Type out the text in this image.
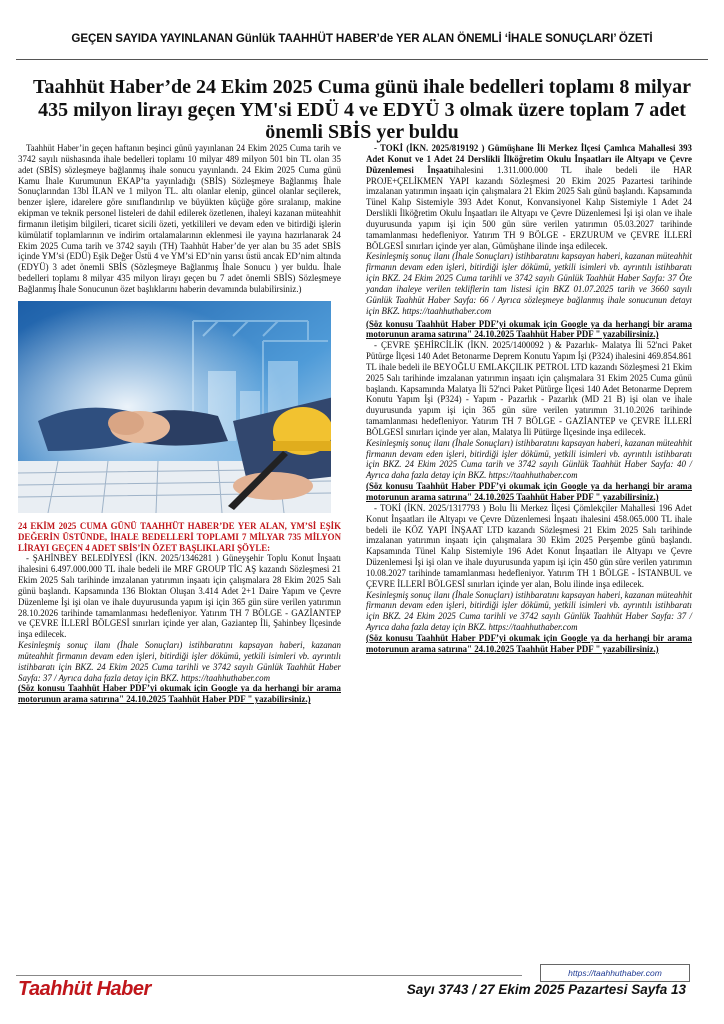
GEÇEN SAYIDA YAYINLANAN Günlük TAAHHÜT HABER’de YER ALAN ÖNEMLİ ‘İHALE SONUÇLARI’ ÖZETİ
Taahhüt Haber’de 24 Ekim 2025 Cuma günü ihale bedelleri toplamı 8 milyar 435 milyon lirayı geçen YM'si EDÜ 4 ve EDYÜ 3 olmak üzere toplam 7 adet önemli SBİS yer buldu

Taahhüt Haber’in geçen haftanın beşinci günü yayınlanan 24 Ekim 2025 Cuma tarih ve 3742 sayılı nüshasında ihale bedelleri toplamı 10 milyar 489 milyon 501 bin TL olan 35 adet (SBİS) sözleşmeye bağlanmış ihale sonucu yayınlandı. 24 Ekim 2025 Cuma günü Kamu İhale Kurumunun EKAP’ta yayınladığı (SBİS) Sözleşmeye Bağlanmış İhale Sonuçlarından 13bl İLAN ve 1 milyon TL. altı olanlar elenip, güncel olanlar seçilerek, benzer işlere, idarelere göre sınıflandırılıp ve büyükten küçüğe göre sıralanıp, makine ekipman ve teknik personel listeleri de dahil edilerek özetlenen, ihaleyi kazanan müteahhit firmanın iletişim bilgileri, ticaret sicili özeti, yetkilileri ve devam eden ve bitirdiği işlerin kümülatif toplamlarının ve indirim ortalamalarının eklenmesi ile yayına hazırlanarak 24 Ekim 2025 Cuma tarih ve 3742 sayılı (TH) Taahhüt Haber’de yer alan bu 35 adet SBİS içinde YM’si (EDÜ) Eşik Değer Üstü 4 ve YM’si ED’nin yarısı üstü ancak ED’nim altında (EDYÜ) 3 adet önemli SBİS (Sözleşmeye Bağlanmış İhale Sonucu ) yer buldu. İhale bedelleri toplamı 8 milyar 435 milyon lirayı geçen bu 7 adet önemli SBİS) Sözleşmeye Bağlanmış İhale Sonucunun özet başlıklarını haberin devamında bulabilirsiniz.)

24 EKİM 2025 CUMA GÜNÜ TAAHHÜT HABER’DE YER ALAN, YM’Sİ EŞİK DEĞERİN ÜSTÜNDE, İHALE BEDELLERİ TOPLAMI 7 MİLYAR 735 MİLYON LİRAYI GEÇEN 4 ADET SBİS’İN ÖZET BAŞLIKLARI ŞÖYLE:

- ŞAHİNBEY BELEDİYESİ (İKN. 2025/1346281 ) Güneyşehir Toplu Konut İnşaatı ihalesini 6.497.000.000 TL ihale bedeli ile MRF GROUP TİC AŞ kazandı Sözleşmesi 21 Ekim 2025 Salı tarihinde imzalanan yatırımın inşaatı için çalışmalara 28 Ekim 2025 Salı günü başlandı. Kapsamında 136 Bloktan Oluşan 3.414 Adet 2+1 Daire Yapım ve Çevre Düzenleme İşi işi olan ve ihale duyurusunda yapım işi için 365 gün süre verilen yatırımın 28.10.2026 tarihinde tamamlanması hedefleniyor. Yatırım TH 7 BÖLGE - GAZİANTEP ve ÇEVRE İLLERİ BÖLGESİ sınırları içinde yer alan, Gaziantep İli, Şahinbey İlçesinde inşa edilecek.

Kesinleşmiş sonuç ilanı (İhale Sonuçları) istihbaratını kapsayan haberi, kazanan müteahhit firmanın devam eden işleri, bitirdiği işler dökümü, yetkili isimleri vb. ayrıntılı istihbaratı için BKZ. 24 Ekim 2025 Cuma tarihli ve 3742 sayılı Günlük Taahhüt Haber Sayfa: 37 / Ayrıca daha fazla detay için BKZ. https://taahhuthaber.com

(Söz konusu Taahhüt Haber PDF’yi okumak için Google ya da herhangi bir arama motorunun arama satırına" 24.10.2025 Taahhüt Haber PDF " yazabilirsiniz.)

- TOKİ (İKN. 2025/819192 ) Gümüşhane İli Merkez İlçesi Çamlıca Mahallesi 393 Adet Konut ve 1 Adet 24 Derslikli İlköğretim Okulu İnşaatları ile Altyapı ve Çevre Düzenlemesi İnşaatıihalesini 1.311.000.000 TL ihale bedeli ile HAR PROJE+ÇELİKMEN YAPI kazandı Sözleşmesi 20 Ekim 2025 Pazartesi tarihinde imzalanan yatırımın inşaatı için çalışmalara 21 Ekim 2025 Salı günü başlandı. Kapsamında Tünel Kalıp Sistemiyle 393 Adet Konut, Konvansiyonel Kalıp Sistemiyle 1 Adet 24 Derslikli İlköğretim Okulu İnşaatları ile Altyapı ve Çevre Düzenlemesi İşi işi olan ve ihale duyurusunda yapım işi için 500 gün süre verilen yatırımın 05.03.2027 tarihinde tamamlanması hedefleniyor. Yatırım TH 9 BÖLGE - ERZURUM ve ÇEVRE İLLERİ BÖLGESİ sınırları içinde yer alan, Gümüşhane ilinde inşa edilecek.

Kesinleşmiş sonuç ilanı (İhale Sonuçları) istihbaratını kapsayan haberi, kazanan müteahhit firmanın devam eden işleri, bitirdiği işler dökümü, yetkili isimleri vb. ayrıntılı istihbaratı için BKZ. 24 Ekim 2025 Cuma tarihli ve 3742 sayılı Günlük Taahhüt Haber Sayfa: 37 Öte yandan ihaleye verilen tekliflerin tam listesi için BKZ 01.07.2025 tarih ve 3660 sayılı Günlük Taahhüt Haber Sayfa: 66 / Ayrıca sözleşmeye bağlanmış ihale sonucunun detayı için BKZ. https://taahhuthaber.com

(Söz konusu Taahhüt Haber PDF’yi okumak için Google ya da herhangi bir arama motorunun arama satırına" 24.10.2025 Taahhüt Haber PDF " yazabilirsiniz.)

- ÇEVRE ŞEHİRCİLİK (İKN. 2025/1400092 ) & Pazarlık- Malatya İli 52'nci Paket Pütürge İlçesi 140 Adet Betonarme Deprem Konutu Yapım İşi (P324) ihalesini 469.854.861 TL ihale bedeli ile BEYOĞLU EMLAKÇILIK PETROL LTD kazandı Sözleşmesi 21 Ekim 2025 Salı tarihinde imzalanan yatırımın inşaatı için çalışmalara 31 Ekim 2025 Cuma günü başlandı. Kapsamında Malatya İli 52'nci Paket Pütürge İlçesi 140 Adet Betonarme Deprem Konutu Yapım İşi (P324) - Yapım - Pazarlık - Pazarlık (MD 21 B) işi olan ve ihale duyurusunda yapım işi için 365 gün süre verilen yatırımın 31.10.2026 tarihinde tamamlanması hedefleniyor. Yatırım TH 7 BÖLGE - GAZİANTEP ve ÇEVRE İLLERİ BÖLGESİ sınırları içinde yer alan, Malatya İli Pütürge İlçesinde inşa edilecek.

Kesinleşmiş sonuç ilanı (İhale Sonuçları) istihbaratını kapsayan haberi, kazanan müteahhit firmanın devam eden işleri, bitirdiği işler dökümü, yetkili isimleri vb. ayrıntılı istihbaratı için BKZ. 24 Ekim 2025 Cuma tarih ve 3742 sayılı Günlük Taahhüt Haber Sayfa: 40 / Ayrıca daha fazla detay için BKZ. https://taahhuthaber.com

(Söz konusu Taahhüt Haber PDF’yi okumak için Google ya da herhangi bir arama motorunun arama satırına" 24.10.2025 Taahhüt Haber PDF " yazabilirsiniz.)

- TOKİ (İKN. 2025/1317793 ) Bolu İli Merkez İlçesi Çömlekçiler Mahallesi 196 Adet Konut İnşaatları ile Altyapı ve Çevre Düzenlemesi İnşaatı ihalesini 458.065.000 TL ihale bedeli ile KÖZ YAPI İNŞAAT LTD kazandı Sözleşmesi 21 Ekim 2025 Salı tarihinde imzalanan yatırımın inşaatı için çalışmalara 30 Ekim 2025 Perşembe günü başlandı. Kapsamında Tünel Kalıp Sistemiyle 196 Adet Konut İnşaatları ile Altyapı ve Çevre Düzenlemesi İşi işi olan ve ihale duyurusunda yapım işi için 450 gün süre verilen yatırımın 10.08.2027 tarihinde tamamlanması hedefleniyor. Yatırım TH 1 BÖLGE - İSTANBUL ve ÇEVRE İLLERİ BÖLGESİ sınırları içinde yer alan, Bolu ilinde inşa edilecek.

Kesinleşmiş sonuç ilanı (İhale Sonuçları) istihbaratını kapsayan haberi, kazanan müteahhit firmanın devam eden işleri, bitirdiği işler dökümü, yetkili isimleri vb. ayrıntılı istihbaratı için BKZ. 24 Ekim 2025 Cuma tarihli ve 3742 sayılı Günlük Taahhüt Haber Sayfa: 37 / Ayrıca daha fazla detay için BKZ. https://taahhuthaber.com

(Söz konusu Taahhüt Haber PDF’yi okumak için Google ya da herhangi bir arama motorunun arama satırına" 24.10.2025 Taahhüt Haber PDF " yazabilirsiniz.)

https://taahhuthaber.com
Taahhüt Haber	Sayı 3743 / 27 Ekim 2025 Pazartesi Sayfa 13
